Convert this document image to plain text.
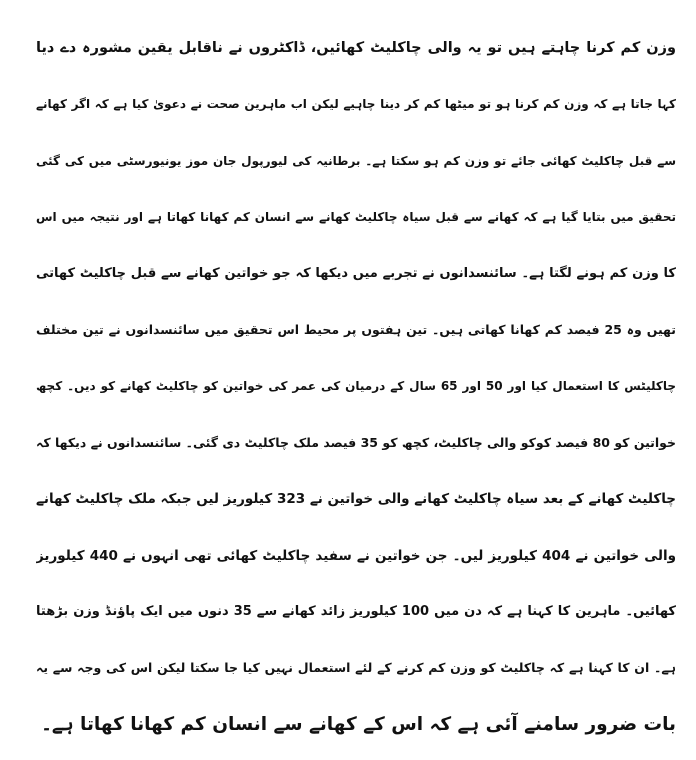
وزن کم کرنا چاہتے ہیں تو یہ والی چاکلیٹ کھائیں، ڈاکٹروں نے ناقابل یقین مشورہ دے دیا
کہا جاتا ہے کہ وزن کم کرنا ہو تو میٹھا کم کر دینا چاہیے لیکن اب ماہرین صحت نے دعویٰ کیا ہے کہ اگر کھانے
سے قبل چاکلیٹ کھائی جائے تو وزن کم ہو سکتا ہے۔ برطانیہ کی لیورپول جان موز یونیورسٹی میں کی گئی
تحقیق میں بتایا گیا ہے کہ کھانے سے قبل سیاہ چاکلیٹ کھانے سے انسان کم کھانا کھاتا ہے اور نتیجہ میں اس
کا وزن کم ہونے لگتا ہے۔ سائنسدانوں نے تجربے میں دیکھا کہ جو خواتین کھانے سے قبل چاکلیٹ کھاتی
تھیں وہ 25 فیصد کم کھانا کھاتی ہیں۔ تین ہفتوں پر محیط اس تحقیق میں سائنسدانوں نے تین مختلف
چاکلیٹس کا استعمال کیا اور 50 اور 65 سال کے درمیان کی عمر کی خواتین کو چاکلیٹ کھانے کو دیں۔ کچھ
خواتین کو 80 فیصد کوکو والی چاکلیٹ، کچھ کو 35 فیصد ملک چاکلیٹ دی گئی۔ سائنسدانوں نے دیکھا کہ
چاکلیٹ کھانے کے بعد سیاہ چاکلیٹ کھانے والی خواتین نے 323 کیلوریز لیں جبکہ ملک چاکلیٹ کھانے
والی خواتین نے 404 کیلوریز لیں۔ جن خواتین نے سفید چاکلیٹ کھائی تھی انہوں نے 440 کیلوریز
کھائیں۔ ماہرین کا کہنا ہے کہ دن میں 100 کیلوریز زائد کھانے سے 35 دنوں میں ایک پاؤنڈ وزن بڑھتا
ہے۔ ان کا کہنا ہے کہ چاکلیٹ کو وزن کم کرنے کے لئے استعمال نہیں کیا جا سکتا لیکن اس کی وجہ سے یہ
بات ضرور سامنے آئی ہے کہ اس کے کھانے سے انسان کم کھانا کھاتا ہے۔
